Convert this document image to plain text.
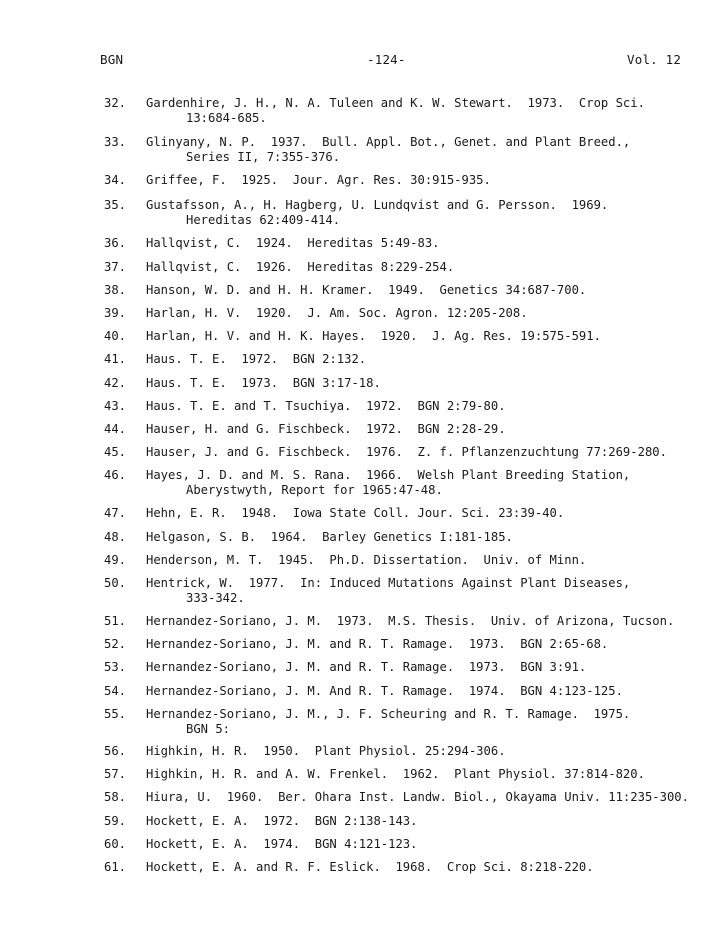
BGN	-124-	Vol. 12
32.	Gardenhire, J. H., N. A. Tuleen and K. W. Stewart.  1973.  Crop Sci.
13:684-685.
33.	Glinyany, N. P.  1937.  Bull. Appl. Bot., Genet. and Plant Breed.,
Series II, 7:355-376.
34.	Griffee, F.  1925.  Jour. Agr. Res. 30:915-935.
35.	Gustafsson, A., H. Hagberg, U. Lundqvist and G. Persson.  1969.
Hereditas 62:409-414.
36.	Hallqvist, C.  1924.  Hereditas 5:49-83.
37.	Hallqvist, C.  1926.  Hereditas 8:229-254.
38.	Hanson, W. D. and H. H. Kramer.  1949.  Genetics 34:687-700.
39.	Harlan, H. V.  1920.  J. Am. Soc. Agron. 12:205-208.
40.	Harlan, H. V. and H. K. Hayes.  1920.  J. Ag. Res. 19:575-591.
41.	Haus. T. E.  1972.  BGN 2:132.
42.	Haus. T. E.  1973.  BGN 3:17-18.
43.	Haus. T. E. and T. Tsuchiya.  1972.  BGN 2:79-80.
44.	Hauser, H. and G. Fischbeck.  1972.  BGN 2:28-29.
45.	Hauser, J. and G. Fischbeck.  1976.  Z. f. Pflanzenzuchtung 77:269-280.
46.	Hayes, J. D. and M. S. Rana.  1966.  Welsh Plant Breeding Station,
Aberystwyth, Report for 1965:47-48.
47.	Hehn, E. R.  1948.  Iowa State Coll. Jour. Sci. 23:39-40.
48.	Helgason, S. B.  1964.  Barley Genetics I:181-185.
49.	Henderson, M. T.  1945.  Ph.D. Dissertation.  Univ. of Minn.
50.	Hentrick, W.  1977.  In: Induced Mutations Against Plant Diseases,
333-342.
51.	Hernandez-Soriano, J. M.  1973.  M.S. Thesis.  Univ. of Arizona, Tucson.
52.	Hernandez-Soriano, J. M. and R. T. Ramage.  1973.  BGN 2:65-68.
53.	Hernandez-Soriano, J. M. and R. T. Ramage.  1973.  BGN 3:91.
54.	Hernandez-Soriano, J. M. And R. T. Ramage.  1974.  BGN 4:123-125.
55.	Hernandez-Soriano, J. M., J. F. Scheuring and R. T. Ramage.  1975.
BGN 5:
56.	Highkin, H. R.  1950.  Plant Physiol. 25:294-306.
57.	Highkin, H. R. and A. W. Frenkel.  1962.  Plant Physiol. 37:814-820.
58.	Hiura, U.  1960.  Ber. Ohara Inst. Landw. Biol., Okayama Univ. 11:235-300.
59.	Hockett, E. A.  1972.  BGN 2:138-143.
60.	Hockett, E. A.  1974.  BGN 4:121-123.
61.	Hockett, E. A. and R. F. Eslick.  1968.  Crop Sci. 8:218-220.
